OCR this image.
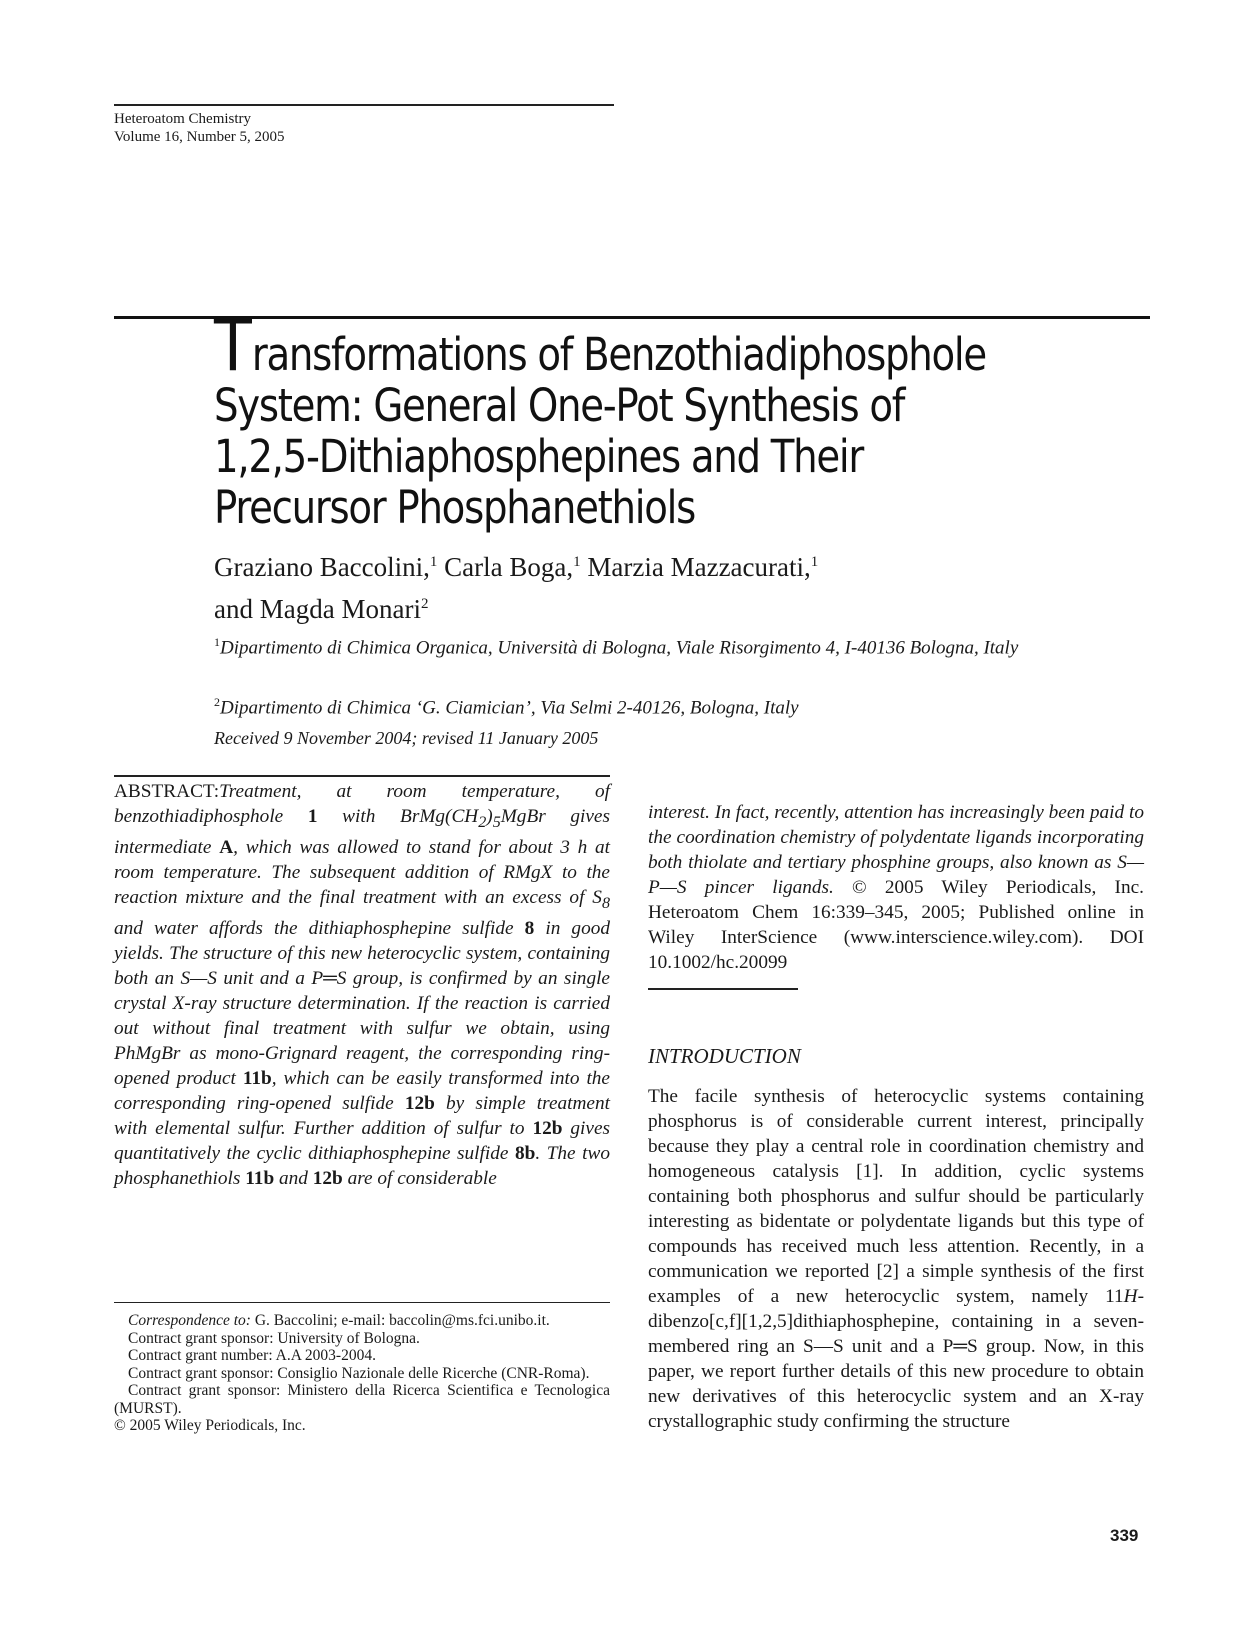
Heteroatom Chemistry
Volume 16, Number 5, 2005
Transformations of Benzothiadiphosphole System: General One-Pot Synthesis of 1,2,5-Dithiaphosphepines and Their Precursor Phosphanethiols
Graziano Baccolini,$^1$ Carla Boga,$^1$ Marzia Mazzacurati,$^1$
and Magda Monari$^2$
$^1$Dipartimento di Chimica Organica, Università di Bologna, Viale Risorgimento 4, I-40136 Bologna, Italy
$^2$Dipartimento di Chimica ‘G. Ciamician’, Via Selmi 2-40126, Bologna, Italy
Received 9 November 2004; revised 11 January 2005
ABSTRACT:Treatment, at room temperature, of benzothiadiphosphole 1 with $BrMg(CH_2)_5MgBr$ gives intermediate A, which was allowed to stand for about 3 h at room temperature. The subsequent addition of RMgX to the reaction mixture and the final treatment with an excess of $S_8$ and water affords the dithiaphosphepine sulfide 8 in good yields. The structure of this new heterocyclic system, containing both an S—S unit and a P═S group, is confirmed by an single crystal X-ray structure determination. If the reaction is carried out without final treatment with sulfur we obtain, using PhMgBr as mono-Grignard reagent, the corresponding ring-opened product 11b, which can be easily transformed into the corresponding ring-opened sulfide 12b by simple treatment with elemental sulfur. Further addition of sulfur to 12b gives quantitatively the cyclic dithiaphosphepine sulfide 8b. The two phosphanethiols 11b and 12b are of considerable
interest. In fact, recently, attention has increasingly been paid to the coordination chemistry of polydentate ligands incorporating both thiolate and tertiary phosphine groups, also known as S—P—S pincer ligands. © 2005 Wiley Periodicals, Inc. Heteroatom Chem 16:339–345, 2005; Published online in Wiley InterScience (www.interscience.wiley.com). DOI 10.1002/hc.20099
INTRODUCTION
The facile synthesis of heterocyclic systems containing phosphorus is of considerable current interest, principally because they play a central role in coordination chemistry and homogeneous catalysis [1]. In addition, cyclic systems containing both phosphorus and sulfur should be particularly interesting as bidentate or polydentate ligands but this type of compounds has received much less attention. Recently, in a communication we reported [2] a simple synthesis of the first examples of a new heterocyclic system, namely 11H-dibenzo[c,f][1,2,5]dithiaphosphepine, containing in a seven-membered ring an S—S unit and a P═S group. Now, in this paper, we report further details of this new procedure to obtain new derivatives of this heterocyclic system and an X-ray crystallographic study confirming the structure

Correspondence to: G. Baccolini; e-mail: baccolin@ms.fci.unibo.it.

Contract grant sponsor: University of Bologna.

Contract grant number: A.A 2003-2004.

Contract grant sponsor: Consiglio Nazionale delle Ricerche (CNR-Roma).

Contract grant sponsor: Ministero della Ricerca Scientifica e Tecnologica (MURST).

© 2005 Wiley Periodicals, Inc.

339
